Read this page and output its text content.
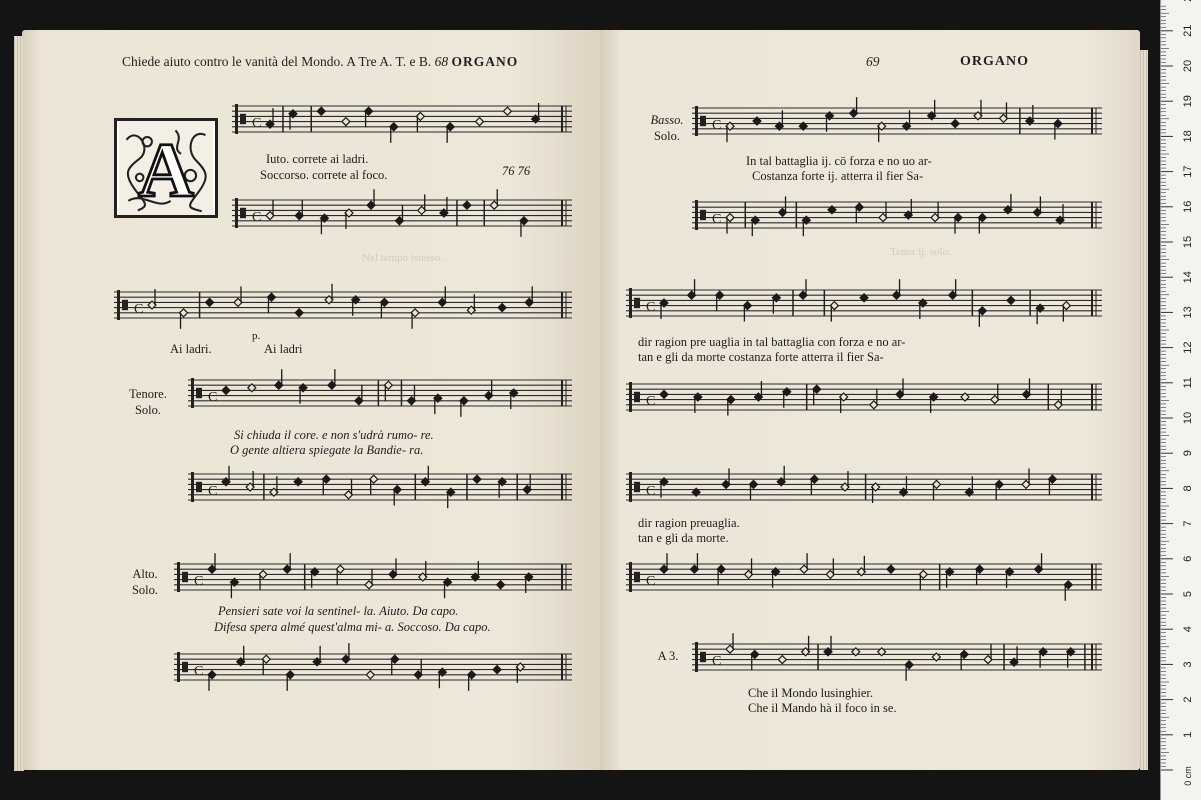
Chiede aiuto contro le vanità del Mondo. A Tre A. T. e B. 68 ORGANO
A
Nel tempo istesso.
C
Iuto. correte ai ladri.
Soccorso. correte al foco.	76 76
C
C
Ai ladri.
p.
Ai ladri
Tenore.
Solo.
C
Si chiuda il core. e non s'udrà rumo- re.
O gente altiera spiegate la Bandie- ra.
C
Alto.
Solo.
C
Pensieri sate voi la sentinel- la. Aiuto. Da capo.
Difesa spera almé quest'alma mi- a. Soccoso. Da capo.
C
69	ORGANO
Tenor ij. solo.
Basso.
Solo.
C
In tal battaglia ij. cō forza e no uo ar-
Costanza forte ij. atterra il fier Sa-
C
C
dir ragion pre uaglia in tal battaglia con forza e no ar-
tan e gli da morte costanza forte atterra il fier Sa-
C
C
dir ragion preuaglia.
tan e gli da morte.
C
A 3.	C
Che il Mondo lusinghier.
Che il Mando hà il foco in se.
1
2
3
4
5
6
7
8
9
10
11
12
13
14
15
16
17
18
19
20
21
0 cm
